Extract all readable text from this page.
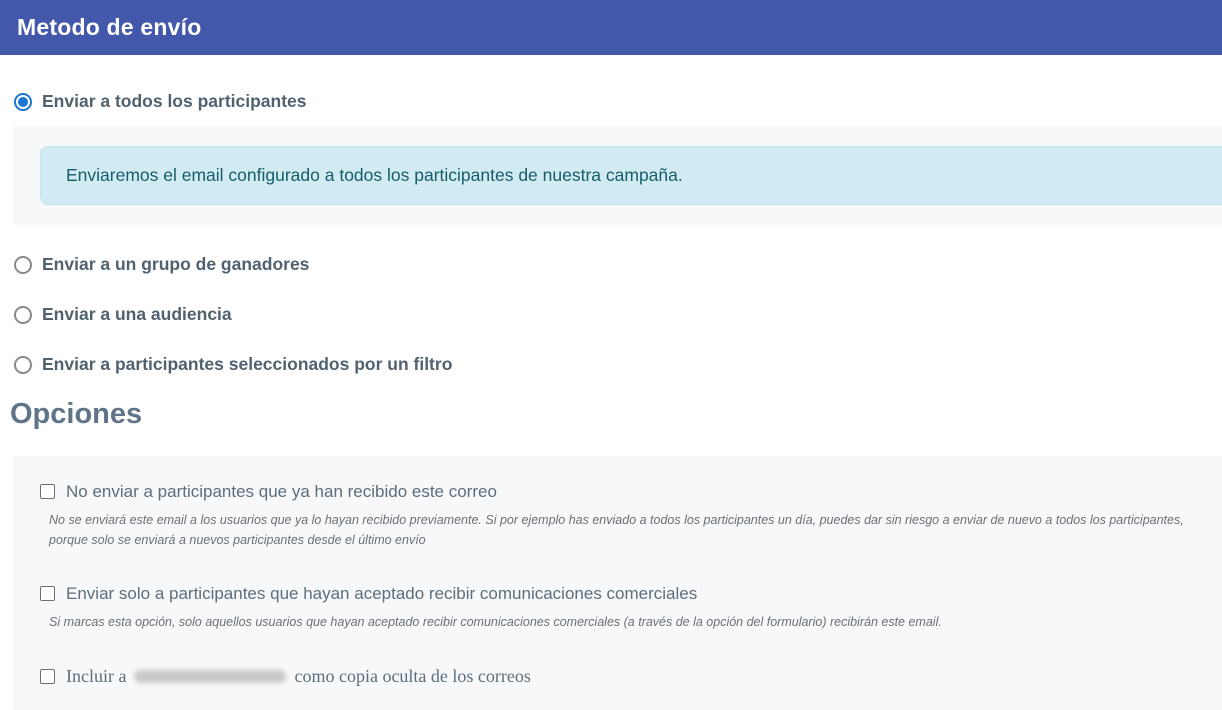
Metodo de envío
Enviar a todos los participantes
Enviaremos el email configurado a todos los participantes de nuestra campaña.
Enviar a un grupo de ganadores
Enviar a una audiencia
Enviar a participantes seleccionados por un filtro
Opciones
No enviar a participantes que ya han recibido este correo
No se enviará este email a los usuarios que ya lo hayan recibido previamente. Si por ejemplo has enviado a todos los participantes un día, puedes dar sin riesgo a enviar de nuevo a todos los participantes, porque solo se enviará a nuevos participantes desde el último envío
Enviar solo a participantes que hayan aceptado recibir comunicaciones comerciales
Si marcas esta opción, solo aquellos usuarios que hayan aceptado recibir comunicaciones comerciales (a través de la opción del formulario) recibirán este email.
Incluir a	como copia oculta de los correos
